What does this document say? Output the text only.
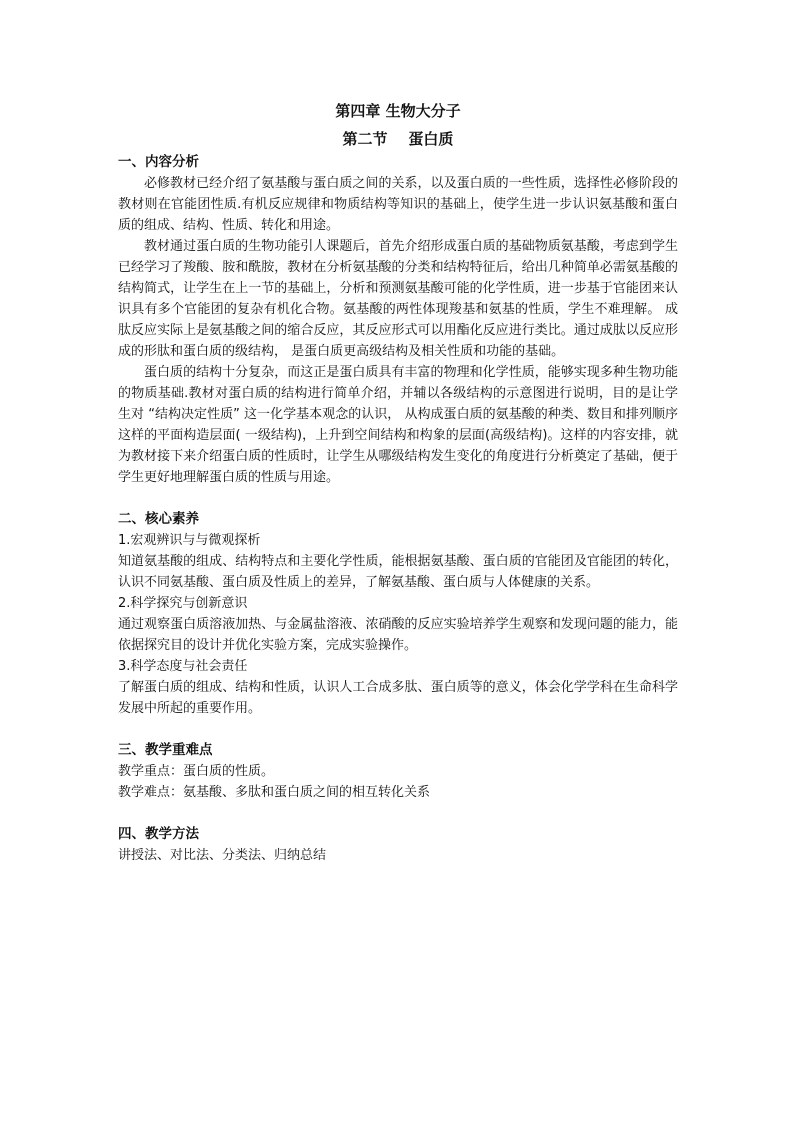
第四章 生物大分子

第二节    蛋白质

一、内容分析

必修教材已经介绍了氨基酸与蛋白质之间的关系，以及蛋白质的一些性质，选择性必修阶段的教材则在官能团性质.有机反应规律和物质结构等知识的基础上，使学生进一步认识氨基酸和蛋白质的组成、结构、性质、转化和用途。

教材通过蛋白质的生物功能引人课题后，首先介绍形成蛋白质的基础物质氨基酸，考虑到学生已经学习了羧酸、胺和酰胺，教材在分析氨基酸的分类和结构特征后，给出几种简单必需氨基酸的结构简式，让学生在上一节的基础上，分析和预测氨基酸可能的化学性质，进一步基于官能团来认识具有多个官能团的复杂有机化合物。氨基酸的两性体现羧基和氨基的性质，学生不难理解。 成肽反应实际上是氨基酸之间的缩合反应，其反应形式可以用酯化反应进行类比。通过成肽以反应形成的形肽和蛋白质的级结构， 是蛋白质更高级结构及相关性质和功能的基础。

蛋白质的结构十分复杂，而这正是蛋白质具有丰富的物理和化学性质，能够实现多种生物功能的物质基础.教材对蛋白质的结构进行简单介绍，并辅以各级结构的示意图进行说明，目的是让学生对 “结构决定性质” 这一化学基本观念的认识， 从构成蛋白质的氨基酸的种类、数目和排列顺序这样的平面构造层面( 一级结构)，上升到空间结构和构象的层面(高级结构)。这样的内容安排，就为教材接下来介绍蛋白质的性质时，让学生从哪级结构发生变化的角度进行分析奠定了基础，便于学生更好地理解蛋白质的性质与用途。

二、核心素养

1.宏观辨识与与微观探析

知道氨基酸的组成、结构特点和主要化学性质，能根据氨基酸、蛋白质的官能团及官能团的转化，认识不同氨基酸、蛋白质及性质上的差异，了解氨基酸、蛋白质与人体健康的关系。

2.科学探究与创新意识

通过观察蛋白质溶液加热、与金属盐溶液、浓硝酸的反应实验培养学生观察和发现问题的能力，能依据探究目的设计并优化实验方案，完成实验操作。

3.科学态度与社会责任

了解蛋白质的组成、结构和性质，认识人工合成多肽、蛋白质等的意义，体会化学学科在生命科学发展中所起的重要作用。

三、教学重难点

教学重点：蛋白质的性质。

教学难点：氨基酸、多肽和蛋白质之间的相互转化关系

四、教学方法

讲授法、对比法、分类法、归纳总结
